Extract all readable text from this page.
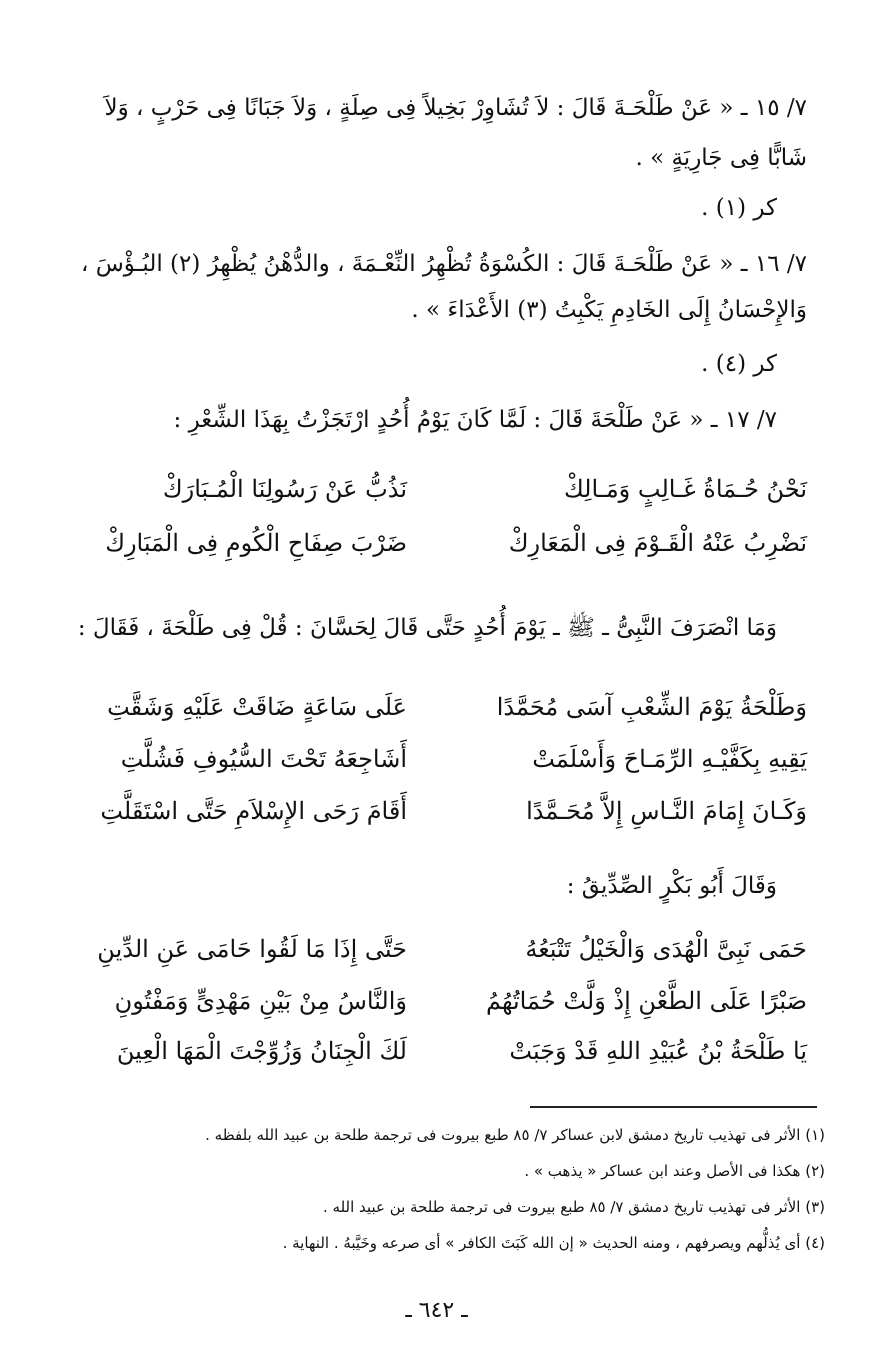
٧/ ١٥ ـ « عَنْ طَلْحَـةَ قَالَ : لاَ تُشَاوِرْ بَخِيلاً فِى صِلَةٍ ، وَلاَ جَبَانًا فِى حَرْبٍ ، وَلاَ
شَابًّا فِى جَارِيَةٍ » .
كر (١) .
٧/ ١٦ ـ « عَنْ طَلْحَـةَ قَالَ : الكُسْوَةُ تُظْهِرُ النِّعْـمَةَ ، والدُّهْنُ يُظْهِرُ (٢) البُـؤْسَ ،
وَالإِحْسَانُ إِلَى الخَادِمِ يَكْبِتُ (٣) الأَعْدَاءَ » .
كر (٤) .
٧/ ١٧ ـ « عَنْ طَلْحَةَ قَالَ : لَمَّا كَانَ يَوْمُ أُحُدٍ ارْتَجَزْتُ بِهَذَا الشِّعْرِ :
نَحْنُ حُـمَاةُ غَـالِبٍ وَمَـالِكْ
نَذُبُّ عَنْ رَسُولِنَا الْمُـبَارَكْ
نَضْرِبُ عَنْهُ الْقَـوْمَ فِى الْمَعَارِكْ
ضَرْبَ صِفَاحِ الْكُومِ فِى الْمَبَارِكْ
وَمَا انْصَرَفَ النَّبِىُّ ـ ﷺ ـ يَوْمَ أُحُدٍ حَتَّى قَالَ لِحَسَّانَ : قُلْ فِى طَلْحَةَ ، فَقَالَ :
وَطَلْحَةُ يَوْمَ الشِّعْبِ آسَى مُحَمَّدًا
عَلَى سَاعَةٍ ضَاقَتْ عَلَيْهِ وَشَقَّتِ
يَقِيهِ بِكَفَّيْـهِ الرِّمَـاحَ وَأَسْلَمَتْ
أَشَاجِعَهُ تَحْتَ السُّيُوفِ فَشُلَّتِ
وَكَـانَ إِمَامَ النَّـاسِ إِلاَّ مُحَـمَّدًا
أَقَامَ رَحَى الإِسْلاَمِ حَتَّى اسْتَقَلَّتِ
وَقَالَ أَبُو بَكْرٍ الصِّدِّيقُ :
حَمَى نَبِىَّ الْهُدَى وَالْخَيْلُ تَتْبَعُهُ
حَتَّى إِذَا مَا لَقُوا حَامَى عَنِ الدِّينِ
صَبْرًا عَلَى الطَّعْنِ إِذْ وَلَّتْ حُمَاتُهُمُ
وَالنَّاسُ مِنْ بَيْنِ مَهْدِىٍّ وَمَفْتُونِ
يَا طَلْحَةُ بْنُ عُبَيْدِ اللهِ قَدْ وَجَبَتْ
لَكَ الْجِنَانُ وَزُوِّجْتَ الْمَهَا الْعِينَ
(١) الأثر فى تهذيب تاريخ دمشق لابن عساكر ٧/ ٨٥ طبع بيروت فى ترجمة طلحة بن عبيد الله بلفظه .
(٢) هكذا فى الأصل وعند ابن عساكر « يذهب » .
(٣) الأثر فى تهذيب تاريخ دمشق ٧/ ٨٥ طبع بيروت فى ترجمة طلحة بن عبيد الله .
(٤) أى يُذلُّهم ويصرفهم ، ومنه الحديث « إن الله كَبَتَ الكافر » أى صرعه وخَيَّبهُ . النهاية .
ـ ٦٤٢ ـ
